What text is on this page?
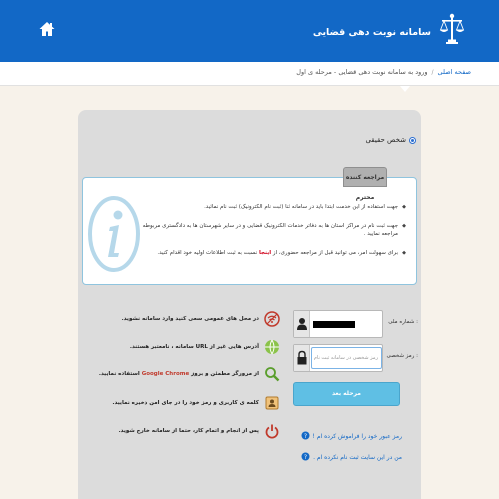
سامانه نوبت دهی قضایی
صفحه اصلی
/
ورود به سامانه نوبت دهی قضایی - مرحله ی اول
شخص حقیقی
◆ جهت استفاده از این خدمت ابتدا باید در سامانه ثنا (ثبت نام الکترونیک) ثبت نام نمائید.
◆ جهت ثبت نام در مراکز استان ها به دفاتر خدمات الکترونیک قضایی و در سایر شهرستان ها به دادگستری مربوطه مراجعه نمایید .
◆ برای سهولت امر، می توانید قبل از مراجعه حضوری، از اینجا نسبت به ثبت اطلاعات اولیه خود اقدام کنید.
مراجعه کننده محترم
شماره ملی :
رمز شخصی در سامانه ثبت نام
رمز شخصی :
مرحله بعد
? رمز عبور خود را فراموش کرده ام !
? من در این سایت ثبت نام نکرده ام .
در محل های عمومی سعی کنید وارد سامانه نشوید.
آدرس هایی غیر از URL سامانه ، نامعتبر هستند.
از مرورگر مطمئن و بروز Google Chrome استفاده نمایید.
کلمه ی کاربری و رمز خود را در جای امن ذخیره نمایید.
پس از انجام و اتمام کار، حتما از سامانه خارج شوید.
